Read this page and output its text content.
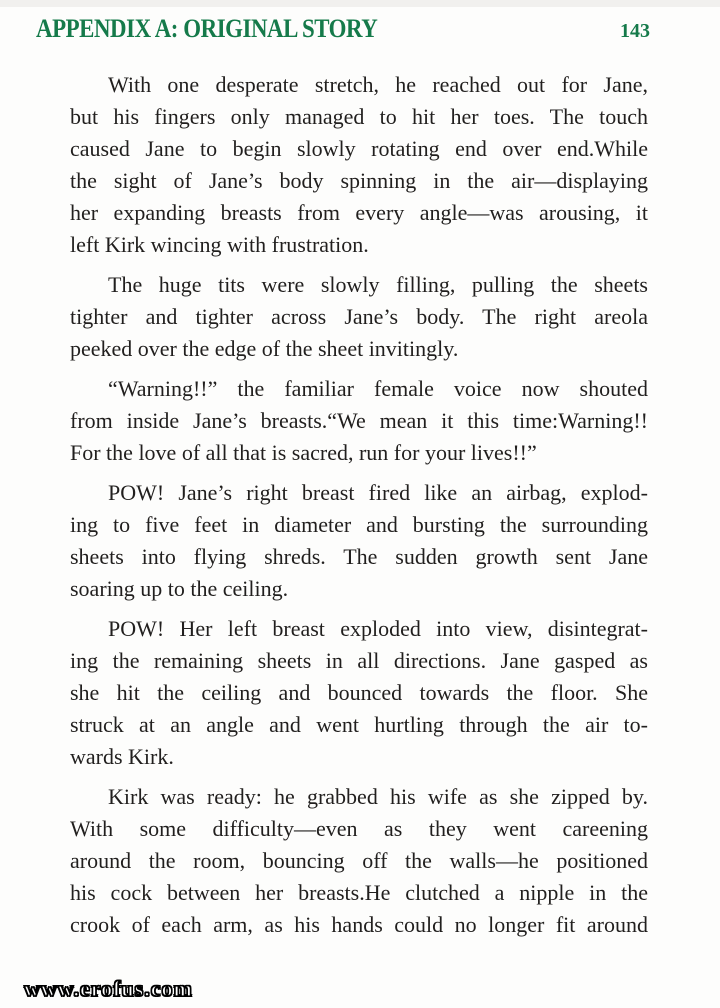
APPENDIX A: ORIGINAL STORY	143
With one desperate stretch, he reached out for Jane,
but his fingers only managed to hit her toes. The touch
caused Jane to begin slowly rotating end over end.While
the sight of Jane’s body spinning in the air—displaying
her expanding breasts from every angle—was arousing, it
left Kirk wincing with frustration.
The huge tits were slowly filling, pulling the sheets
tighter and tighter across Jane’s body. The right areola
peeked over the edge of the sheet invitingly.
“Warning!!” the familiar female voice now shouted
from inside Jane’s breasts.“We mean it this time:Warning!!
For the love of all that is sacred, run for your lives!!”
POW! Jane’s right breast fired like an airbag, explod-
ing to five feet in diameter and bursting the surrounding
sheets into flying shreds. The sudden growth sent Jane
soaring up to the ceiling.
POW! Her left breast exploded into view, disintegrat-
ing the remaining sheets in all directions. Jane gasped as
she hit the ceiling and bounced towards the floor. She
struck at an angle and went hurtling through the air to-
wards Kirk.
Kirk was ready: he grabbed his wife as she zipped by.
With some difficulty—even as they went careening
around the room, bouncing off the walls—he positioned
his cock between her breasts.He clutched a nipple in the
crook of each arm, as his hands could no longer fit around
www.erofus.com
